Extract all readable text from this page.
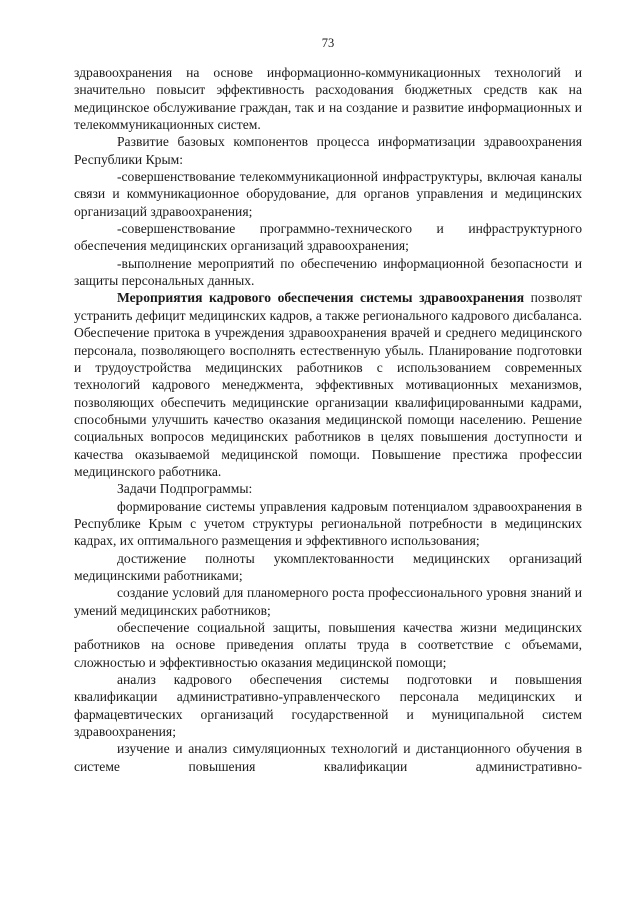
73

здравоохранения на основе информационно-коммуникационных технологий и значительно повысит эффективность расходования бюджетных средств как на медицинское обслуживание граждан, так и на создание и развитие информационных и телекоммуникационных систем.

Развитие базовых компонентов процесса информатизации здравоохранения Республики Крым:

-совершенствование телекоммуникационной инфраструктуры, включая каналы связи и коммуникационное оборудование, для органов управления и медицинских организаций здравоохранения;

-совершенствование программно-технического и инфраструктурного обеспечения медицинских организаций здравоохранения;

-выполнение мероприятий по обеспечению информационной безопасности и защиты персональных данных.

Мероприятия кадрового обеспечения системы здравоохранения позволят устранить дефицит медицинских кадров, а также регионального кадрового дисбаланса. Обеспечение притока в учреждения здравоохранения врачей и среднего медицинского персонала, позволяющего восполнять естественную убыль. Планирование подготовки и трудоустройства медицинских работников с использованием современных технологий кадрового менеджмента, эффективных мотивационных механизмов, позволяющих обеспечить медицинские организации квалифицированными кадрами, способными улучшить качество оказания медицинской помощи населению. Решение социальных вопросов медицинских работников в целях повышения доступности и качества оказываемой медицинской помощи. Повышение престижа профессии медицинского работника.

Задачи Подпрограммы:

формирование системы управления кадровым потенциалом здравоохранения в Республике Крым с учетом структуры региональной потребности в медицинских кадрах, их оптимального размещения и эффективного использования;

достижение полноты укомплектованности медицинских организаций медицинскими работниками;

создание условий для планомерного роста профессионального уровня знаний и умений медицинских работников;

обеспечение социальной защиты, повышения качества жизни медицинских работников на основе приведения оплаты труда в соответствие с объемами, сложностью и эффективностью оказания медицинской помощи;

анализ кадрового обеспечения системы подготовки и повышения квалификации административно-управленческого персонала медицинских и фармацевтических организаций государственной и муниципальной систем здравоохранения;

изучение и анализ симуляционных технологий и дистанционного обучения в системе повышения квалификации административно-
